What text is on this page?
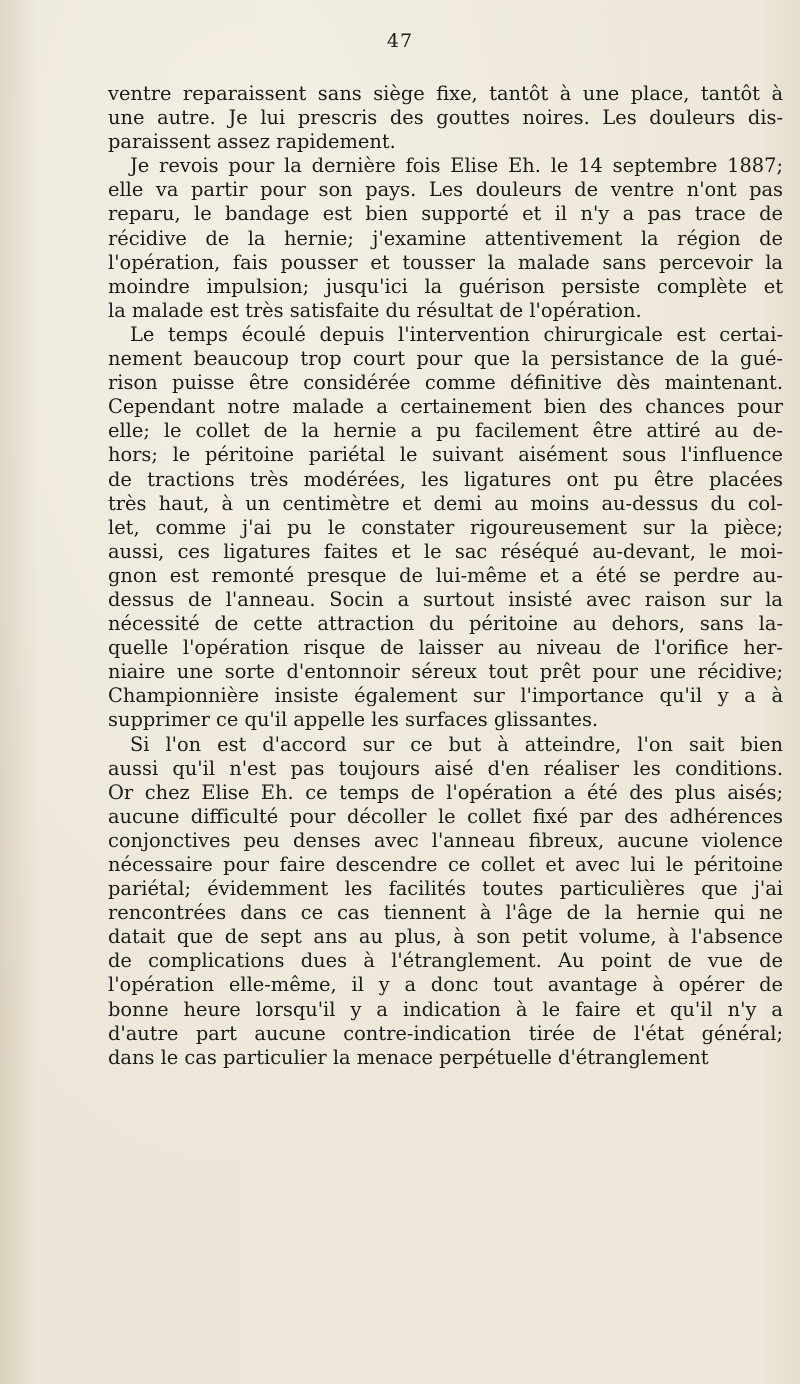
47
ventre reparaissent sans siège fixe, tantôt à une place, tantôt à
une autre. Je lui prescris des gouttes noires. Les douleurs dis-
paraissent assez rapidement.
Je revois pour la dernière fois Elise Eh. le 14 septembre 1887;
elle va partir pour son pays. Les douleurs de ventre n'ont pas
reparu, le bandage est bien supporté et il n'y a pas trace de
récidive de la hernie; j'examine attentivement la région de
l'opération, fais pousser et tousser la malade sans percevoir la
moindre impulsion; jusqu'ici la guérison persiste complète et
la malade est très satisfaite du résultat de l'opération.
Le temps écoulé depuis l'intervention chirurgicale est certai-
nement beaucoup trop court pour que la persistance de la gué-
rison puisse être considérée comme définitive dès maintenant.
Cependant notre malade a certainement bien des chances pour
elle; le collet de la hernie a pu facilement être attiré au de-
hors; le péritoine pariétal le suivant aisément sous l'influence
de tractions très modérées, les ligatures ont pu être placées
très haut, à un centimètre et demi au moins au-dessus du col-
let, comme j'ai pu le constater rigoureusement sur la pièce;
aussi, ces ligatures faites et le sac réséqué au-devant, le moi-
gnon est remonté presque de lui-même et a été se perdre au-
dessus de l'anneau. Socin a surtout insisté avec raison sur la
nécessité de cette attraction du péritoine au dehors, sans la-
quelle l'opération risque de laisser au niveau de l'orifice her-
niaire une sorte d'entonnoir séreux tout prêt pour une récidive;
Championnière insiste également sur l'importance qu'il y a à
supprimer ce qu'il appelle les surfaces glissantes.
Si l'on est d'accord sur ce but à atteindre, l'on sait bien
aussi qu'il n'est pas toujours aisé d'en réaliser les conditions.
Or chez Elise Eh. ce temps de l'opération a été des plus aisés;
aucune difficulté pour décoller le collet fixé par des adhérences
conjonctives peu denses avec l'anneau fibreux, aucune violence
nécessaire pour faire descendre ce collet et avec lui le péritoine
pariétal; évidemment les facilités toutes particulières que j'ai
rencontrées dans ce cas tiennent à l'âge de la hernie qui ne
datait que de sept ans au plus, à son petit volume, à l'absence
de complications dues à l'étranglement. Au point de vue de
l'opération elle-même, il y a donc tout avantage à opérer de
bonne heure lorsqu'il y a indication à le faire et qu'il n'y a
d'autre part aucune contre-indication tirée de l'état général;
dans le cas particulier la menace perpétuelle d'étranglement
